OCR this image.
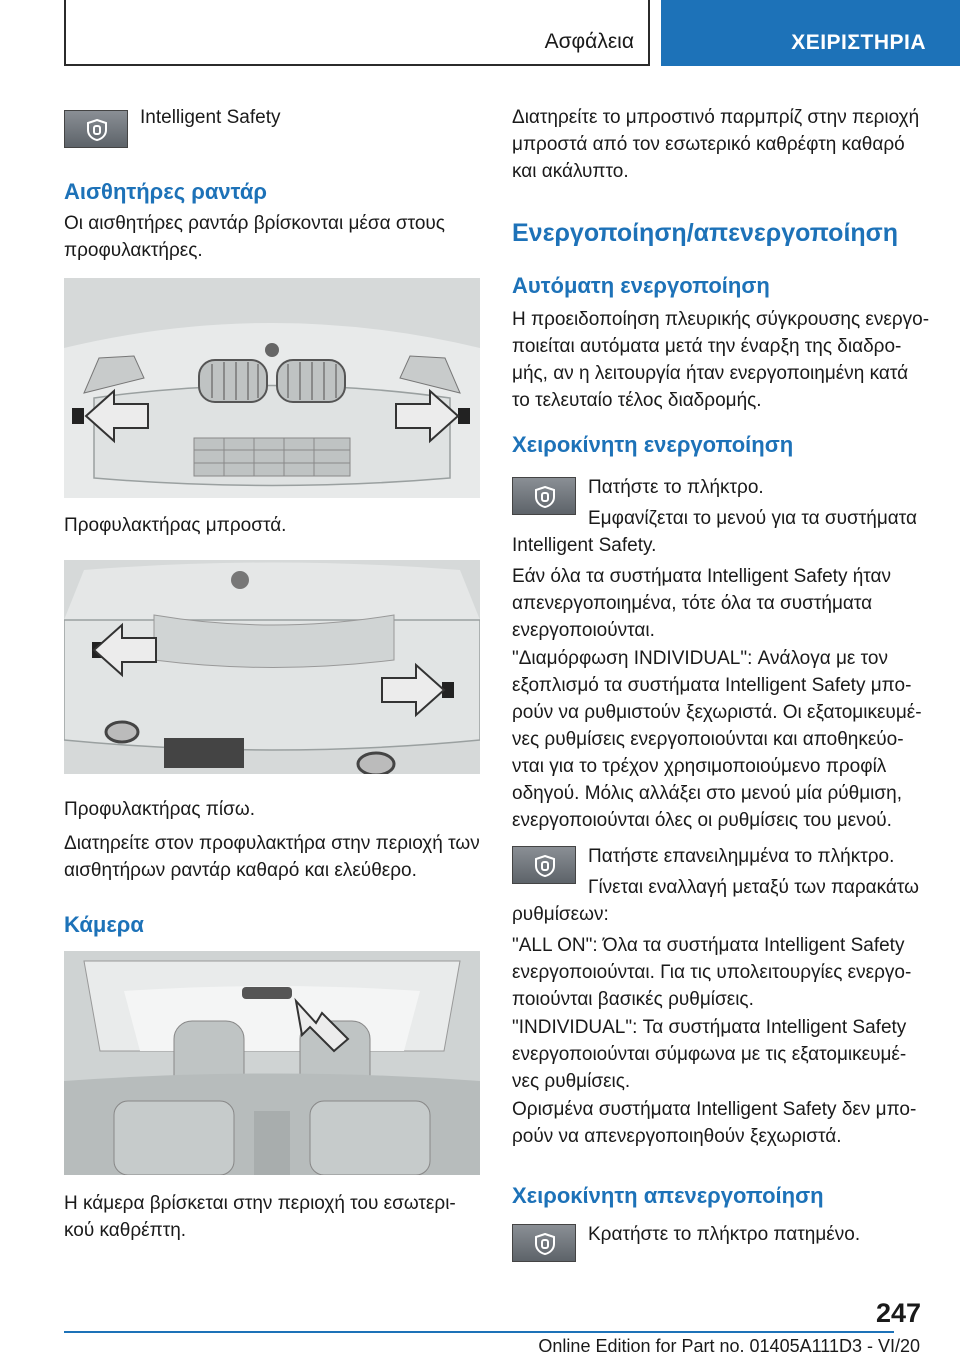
Ασφάλεια	ΧΕΙΡΙΣΤΗΡΙΑ
Intelligent Safety
Αισθητήρες ραντάρ
Οι αισθητήρες ραντάρ βρίσκονται μέσα στους
προφυλακτήρες.
Προφυλακτήρας μπροστά.
Προφυλακτήρας πίσω.
Διατηρείτε στον προφυλακτήρα στην περιοχή των
αισθητήρων ραντάρ καθαρό και ελεύθερο.
Κάμερα
Η κάμερα βρίσκεται στην περιοχή του εσωτερι-
κού καθρέπτη.
Διατηρείτε το μπροστινό παρμπρίζ στην περιοχή
μπροστά από τον εσωτερικό καθρέφτη καθαρό
και ακάλυπτο.
Ενεργοποίηση/απενεργοποίηση
Αυτόματη ενεργοποίηση
Η προειδοποίηση πλευρικής σύγκρουσης ενεργο-
ποιείται αυτόματα μετά την έναρξη της διαδρο-
μής, αν η λειτουργία ήταν ενεργοποιημένη κατά
το τελευταίο τέλος διαδρομής.
Χειροκίνητη ενεργοποίηση
Πατήστε το πλήκτρο.
Εμφανίζεται το μενού για τα συστήματα
Intelligent Safety.
Εάν όλα τα συστήματα Intelligent Safety ήταν
απενεργοποιημένα, τότε όλα τα συστήματα
ενεργοποιούνται.
"Διαμόρφωση INDIVIDUAL": Ανάλογα με τον
εξοπλισμό τα συστήματα Intelligent Safety μπο-
ρούν να ρυθμιστούν ξεχωριστά. Οι εξατομικευμέ-
νες ρυθμίσεις ενεργοποιούνται και αποθηκεύο-
νται για το τρέχον χρησιμοποιούμενο προφίλ
οδηγού. Μόλις αλλάξει στο μενού μία ρύθμιση,
ενεργοποιούνται όλες οι ρυθμίσεις του μενού.
Πατήστε επανειλημμένα το πλήκτρο.
Γίνεται εναλλαγή μεταξύ των παρακάτω
ρυθμίσεων:
"ALL ON": Όλα τα συστήματα Intelligent Safety
ενεργοποιούνται. Για τις υπολειτουργίες ενεργο-
ποιούνται βασικές ρυθμίσεις.
"INDIVIDUAL": Τα συστήματα Intelligent Safety
ενεργοποιούνται σύμφωνα με τις εξατομικευμέ-
νες ρυθμίσεις.
Ορισμένα συστήματα Intelligent Safety δεν μπο-
ρούν να απενεργοποιηθούν ξεχωριστά.
Χειροκίνητη απενεργοποίηση
Κρατήστε το πλήκτρο πατημένο.
247
Online Edition for Part no. 01405A111D3 - VI/20
